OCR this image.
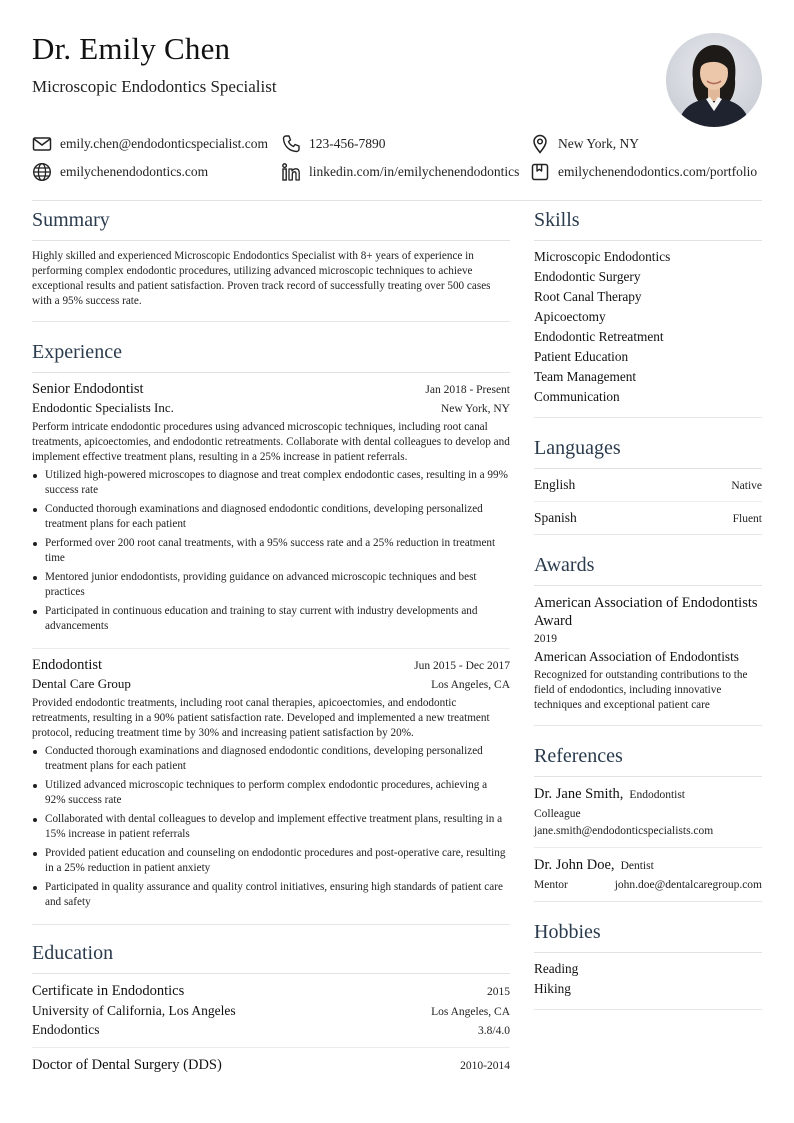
Dr. Emily Chen
Microscopic Endodontics Specialist
emily.chen@endodonticspecialist.com	123-456-7890	New York, NY
emilychenendodontics.com	linkedin.com/in/emilychenendodontics	emilychenendodontics.com/portfolio
Summary

Highly skilled and experienced Microscopic Endodontics Specialist with 8+ years of experience in performing complex endodontic procedures, utilizing advanced microscopic techniques to achieve exceptional results and patient satisfaction. Proven track record of successfully treating over 500 cases with a 95% success rate.

Experience
Senior Endodontist	Jan 2018 - Present
Endodontic Specialists Inc.	New York, NY

Perform intricate endodontic procedures using advanced microscopic techniques, including root canal treatments, apicoectomies, and endodontic retreatments. Collaborate with dental colleagues to develop and implement effective treatment plans, resulting in a 25% increase in patient referrals.

Utilized high-powered microscopes to diagnose and treat complex endodontic cases, resulting in a 99% success rate
Conducted thorough examinations and diagnosed endodontic conditions, developing personalized treatment plans for each patient
Performed over 200 root canal treatments, with a 95% success rate and a 25% reduction in treatment time
Mentored junior endodontists, providing guidance on advanced microscopic techniques and best practices
Participated in continuous education and training to stay current with industry developments and advancements
Endodontist	Jun 2015 - Dec 2017
Dental Care Group	Los Angeles, CA

Provided endodontic treatments, including root canal therapies, apicoectomies, and endodontic retreatments, resulting in a 90% patient satisfaction rate. Developed and implemented a new treatment protocol, reducing treatment time by 30% and increasing patient satisfaction by 20%.

Conducted thorough examinations and diagnosed endodontic conditions, developing personalized treatment plans for each patient
Utilized advanced microscopic techniques to perform complex endodontic procedures, achieving a 92% success rate
Collaborated with dental colleagues to develop and implement effective treatment plans, resulting in a 15% increase in patient referrals
Provided patient education and counseling on endodontic procedures and post-operative care, resulting in a 25% reduction in patient anxiety
Participated in quality assurance and quality control initiatives, ensuring high standards of patient care and safety
Education
Certificate in Endodontics	2015
University of California, Los Angeles	Los Angeles, CA
Endodontics	3.8/4.0
Doctor of Dental Surgery (DDS)	2010-2014
Skills
Microscopic Endodontics
Endodontic Surgery
Root Canal Therapy
Apicoectomy
Endodontic Retreatment
Patient Education
Team Management
Communication
Languages
English	Native
Spanish	Fluent
Awards
American Association of Endodontists Award
2019
American Association of Endodontists
Recognized for outstanding contributions to the field of endodontics, including innovative techniques and exceptional patient care
References
Dr. Jane Smith, Endodontist
Colleague
jane.smith@endodonticspecialists.com
Dr. John Doe, Dentist
Mentor	john.doe@dentalcaregroup.com
Hobbies
Reading
Hiking
